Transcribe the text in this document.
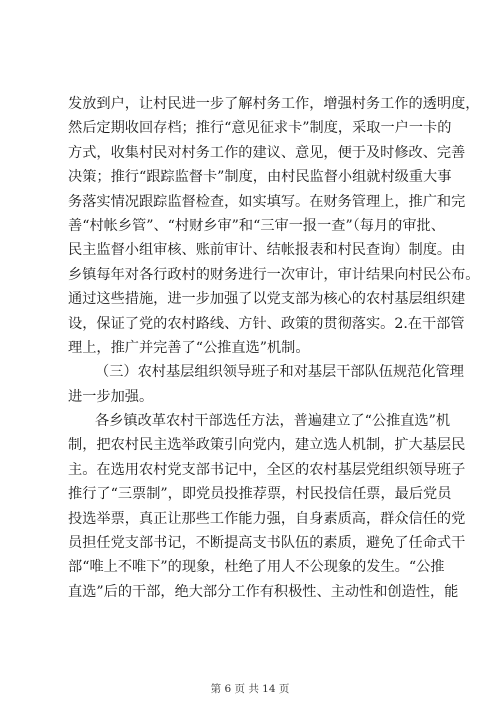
发放到户，让村民进一步了解村务工作，增强村务工作的透明度，
然后定期收回存档；推行“意见征求卡”制度，采取一户一卡的
方式，收集村民对村务工作的建议、意见，便于及时修改、完善
决策；推行“跟踪监督卡”制度，由村民监督小组就村级重大事
务落实情况跟踪监督检查，如实填写。在财务管理上，推广和完
善“村帐乡管”、“村财乡审”和“三审一报一查”（每月的审批、
民主监督小组审核、账前审计、结帐报表和村民查询）制度。由
乡镇每年对各行政村的财务进行一次审计，审计结果向村民公布。
通过这些措施，进一步加强了以党支部为核心的农村基层组织建
设，保证了党的农村路线、方针、政策的贯彻落实。2.在干部管
理上，推广并完善了“公推直选”机制。
（三）农村基层组织领导班子和对基层干部队伍规范化管理
进一步加强。
各乡镇改革农村干部选任方法，普遍建立了“公推直选”机
制，把农村民主选举政策引向党内，建立选人机制，扩大基层民
主。在选用农村党支部书记中，全区的农村基层党组织领导班子
推行了“三票制”，即党员投推荐票，村民投信任票，最后党员
投选举票，真正让那些工作能力强，自身素质高，群众信任的党
员担任党支部书记，不断提高支书队伍的素质，避免了任命式干
部“唯上不唯下”的现象，杜绝了用人不公现象的发生。“公推
直选”后的干部，绝大部分工作有积极性、主动性和创造性，能
第 6 页 共 14 页
